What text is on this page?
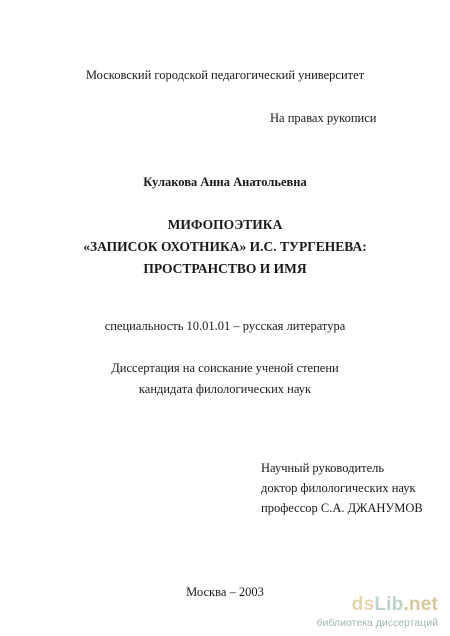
Московский городской педагогический университет
На правах рукописи
Кулакова Анна Анатольевна
МИФОПОЭТИКА
«ЗАПИСОК ОХОТНИКА» И.С. ТУРГЕНЕВА:
ПРОСТРАНСТВО И ИМЯ
специальность 10.01.01 – русская литература
Диссертация на соискание ученой степени
кандидата филологических наук
Научный руководитель
доктор филологических наук
профессор С.А. ДЖАНУМОВ
Москва – 2003
dsLib.net
библиотека диссертаций
